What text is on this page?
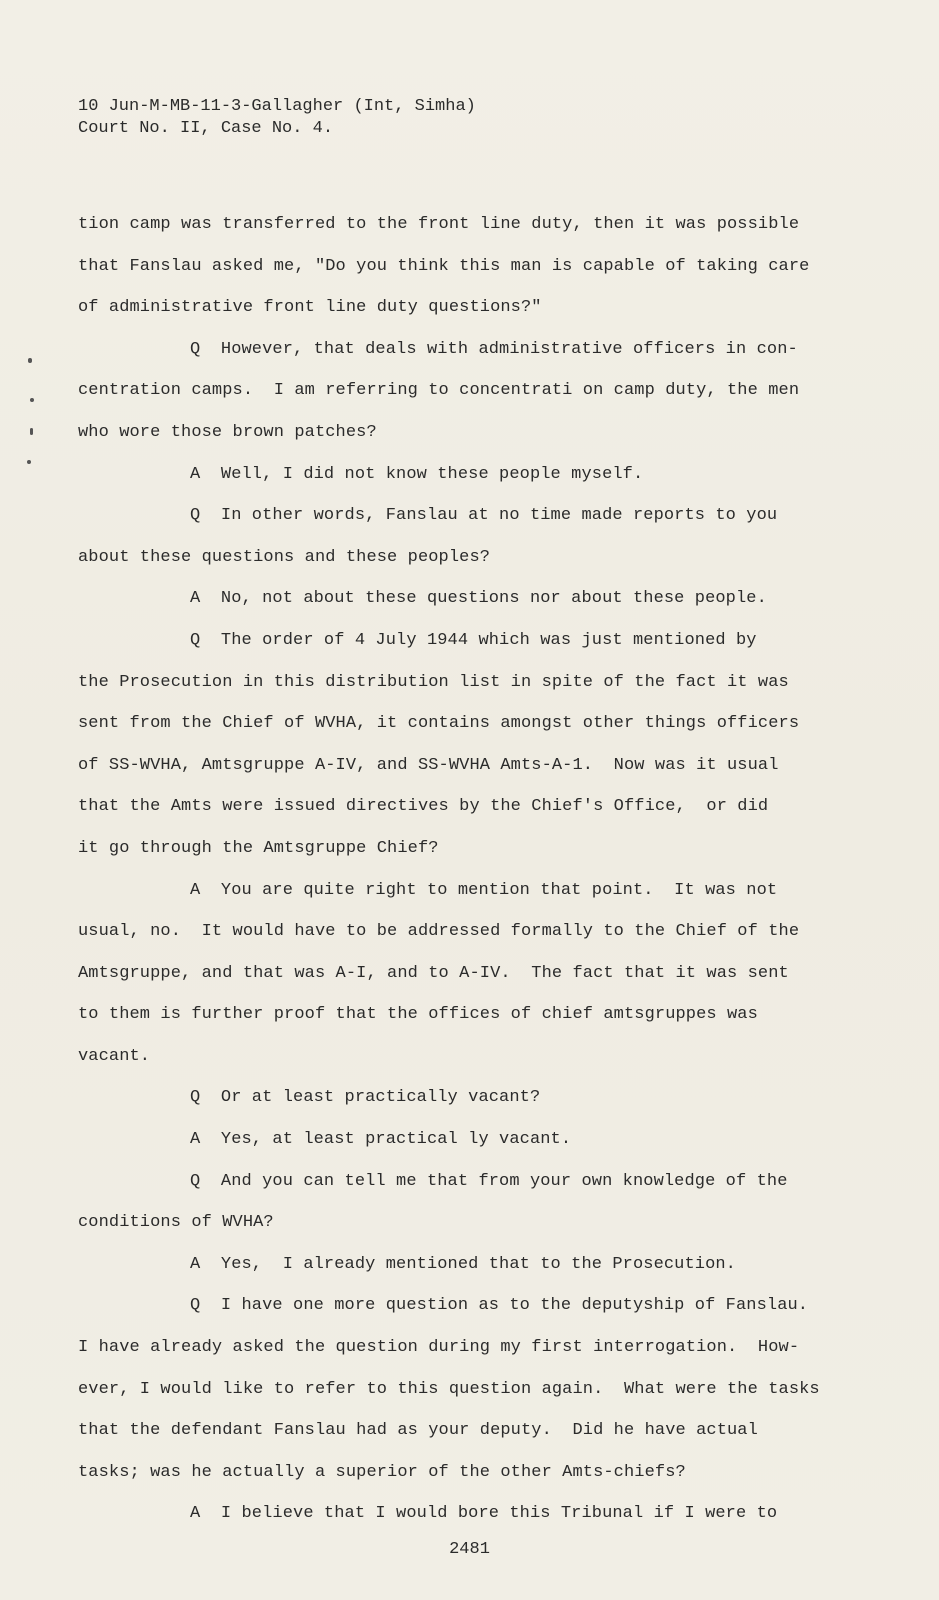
10 Jun-M-MB-11-3-Gallagher (Int, Simha)
Court No. II, Case No. 4.
tion camp was transferred to the front line duty, then it was possible
that Fanslau asked me, "Do you think this man is capable of taking care
of administrative front line duty questions?"
Q  However, that deals with administrative officers in con-
centration camps.  I am referring to concentrati on camp duty, the men
who wore those brown patches?
A  Well, I did not know these people myself.
Q  In other words, Fanslau at no time made reports to you
about these questions and these peoples?
A  No, not about these questions nor about these people.
Q  The order of 4 July 1944 which was just mentioned by
the Prosecution in this distribution list in spite of the fact it was
sent from the Chief of WVHA, it contains amongst other things officers
of SS-WVHA, Amtsgruppe A-IV, and SS-WVHA Amts-A-1.  Now was it usual
that the Amts were issued directives by the Chief's Office,  or did
it go through the Amtsgruppe Chief?
A  You are quite right to mention that point.  It was not
usual, no.  It would have to be addressed formally to the Chief of the
Amtsgruppe, and that was A-I, and to A-IV.  The fact that it was sent
to them is further proof that the offices of chief amtsgruppes was
vacant.
Q  Or at least practically vacant?
A  Yes, at least practical ly vacant.
Q  And you can tell me that from your own knowledge of the
conditions of WVHA?
A  Yes,  I already mentioned that to the Prosecution.
Q  I have one more question as to the deputyship of Fanslau.
I have already asked the question during my first interrogation.  How-
ever, I would like to refer to this question again.  What were the tasks
that the defendant Fanslau had as your deputy.  Did he have actual
tasks; was he actually a superior of the other Amts-chiefs?
A  I believe that I would bore this Tribunal if I were to
2481
